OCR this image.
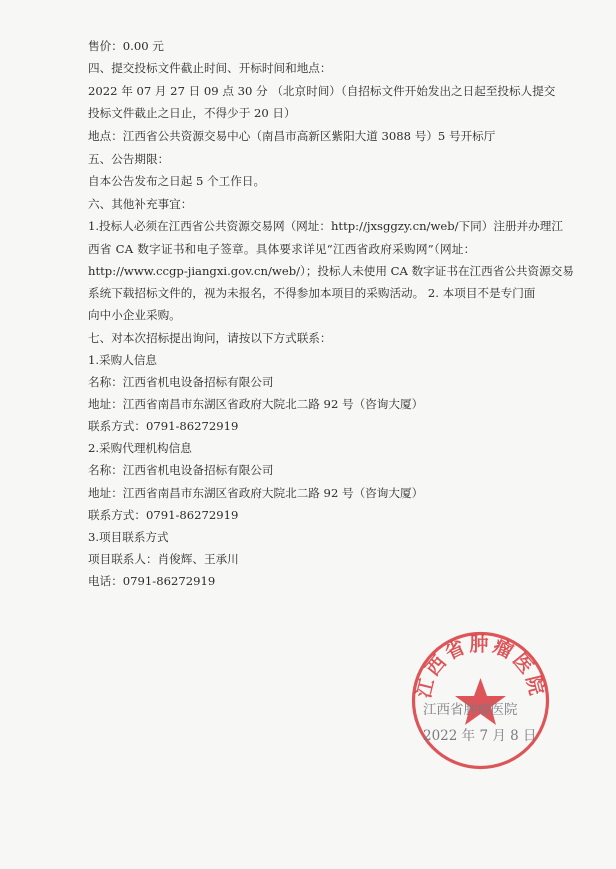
售价：0.00 元
四、提交投标文件截止时间、开标时间和地点：
2022 年 07 月 27 日 09 点 30 分 （北京时间）（自招标文件开始发出之日起至投标人提交
投标文件截止之日止，不得少于 20 日）
地点：江西省公共资源交易中心（南昌市高新区紫阳大道 3088 号）5 号开标厅
五、公告期限：
自本公告发布之日起 5 个工作日。
六、其他补充事宜：
1.投标人必须在江西省公共资源交易网（网址：http://jxsggzy.cn/web/下同）注册并办理江
西省 CA 数字证书和电子签章。具体要求详见“江西省政府采购网”（网址：
http://www.ccgp-jiangxi.gov.cn/web/）；投标人未使用 CA 数字证书在江西省公共资源交易
系统下载招标文件的，视为未报名，不得参加本项目的采购活动。 2. 本项目不是专门面
向中小企业采购。
七、对本次招标提出询问，请按以下方式联系：
1.采购人信息
名称：江西省机电设备招标有限公司
地址：江西省南昌市东湖区省政府大院北二路 92 号（咨询大厦）
联系方式：0791-86272919
2.采购代理机构信息
名称：江西省机电设备招标有限公司
地址：江西省南昌市东湖区省政府大院北二路 92 号（咨询大厦）
联系方式：0791-86272919
3.项目联系方式
项目联系人：肖俊辉、王承川
电话：0791-86272919
江西省肿瘤医院
江西省肿瘤医院
2022 年 7 月 8 日
